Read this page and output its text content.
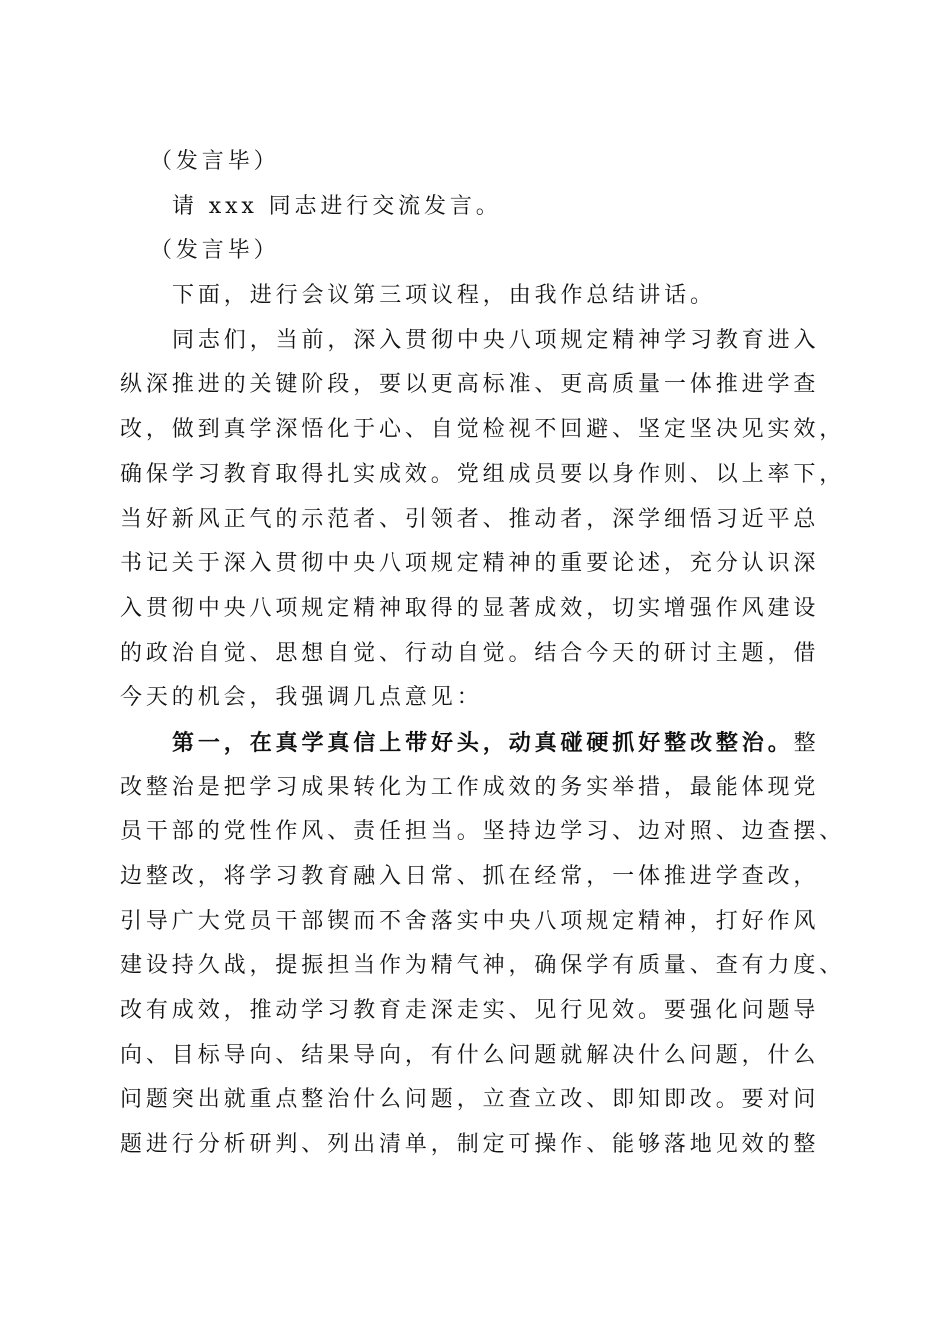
（发言毕）
请 xxx 同志进行交流发言。
（发言毕）
下面，进行会议第三项议程，由我作总结讲话。
同志们，当前，深入贯彻中央八项规定精神学习教育进入
纵深推进的关键阶段，要以更高标准、更高质量一体推进学查
改，做到真学深悟化于心、自觉检视不回避、坚定坚决见实效，
确保学习教育取得扎实成效。党组成员要以身作则、以上率下，
当好新风正气的示范者、引领者、推动者，深学细悟习近平总
书记关于深入贯彻中央八项规定精神的重要论述，充分认识深
入贯彻中央八项规定精神取得的显著成效，切实增强作风建设
的政治自觉、思想自觉、行动自觉。结合今天的研讨主题，借
今天的机会，我强调几点意见：
第一，在真学真信上带好头，动真碰硬抓好整改整治。整
改整治是把学习成果转化为工作成效的务实举措，最能体现党
员干部的党性作风、责任担当。坚持边学习、边对照、边查摆、
边整改，将学习教育融入日常、抓在经常，一体推进学查改，
引导广大党员干部锲而不舍落实中央八项规定精神，打好作风
建设持久战，提振担当作为精气神，确保学有质量、查有力度、
改有成效，推动学习教育走深走实、见行见效。要强化问题导
向、目标导向、结果导向，有什么问题就解决什么问题，什么
问题突出就重点整治什么问题，立查立改、即知即改。要对问
题进行分析研判、列出清单，制定可操作、能够落地见效的整
